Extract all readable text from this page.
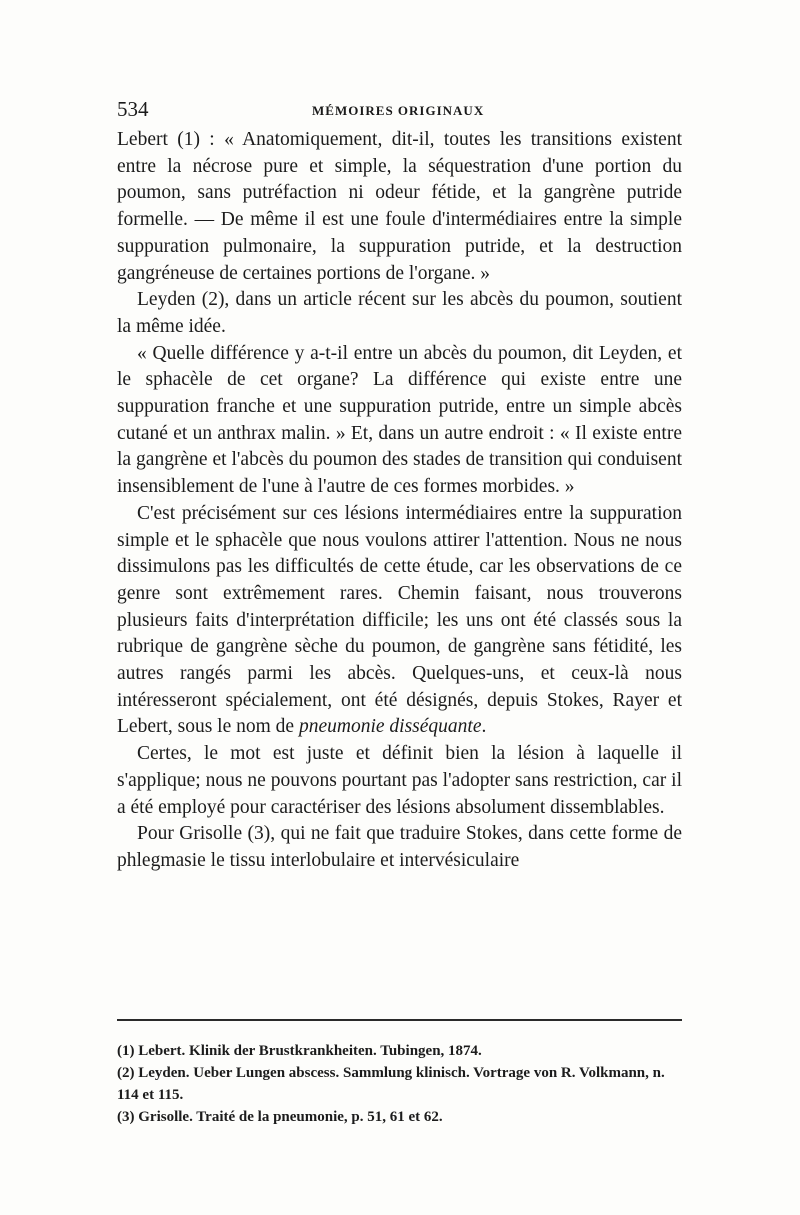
534	MÉMOIRES ORIGINAUX

Lebert (1) : « Anatomiquement, dit-il, toutes les transitions existent entre la nécrose pure et simple, la séquestration d'une portion du poumon, sans putréfaction ni odeur fétide, et la gangrène putride formelle. — De même il est une foule d'intermédiaires entre la simple suppuration pulmonaire, la suppuration putride, et la destruction gangréneuse de certaines portions de l'organe. »

Leyden (2), dans un article récent sur les abcès du poumon, soutient la même idée.

« Quelle différence y a-t-il entre un abcès du poumon, dit Leyden, et le sphacèle de cet organe? La différence qui existe entre une suppuration franche et une suppuration putride, entre un simple abcès cutané et un anthrax malin. » Et, dans un autre endroit : « Il existe entre la gangrène et l'abcès du poumon des stades de transition qui conduisent insensiblement de l'une à l'autre de ces formes morbides. »

C'est précisément sur ces lésions intermédiaires entre la suppuration simple et le sphacèle que nous voulons attirer l'attention. Nous ne nous dissimulons pas les difficultés de cette étude, car les observations de ce genre sont extrêmement rares. Chemin faisant, nous trouverons plusieurs faits d'interprétation difficile; les uns ont été classés sous la rubrique de gangrène sèche du poumon, de gangrène sans fétidité, les autres rangés parmi les abcès. Quelques-uns, et ceux-là nous intéresseront spécialement, ont été désignés, depuis Stokes, Rayer et Lebert, sous le nom de pneumonie disséquante.

Certes, le mot est juste et définit bien la lésion à laquelle il s'applique; nous ne pouvons pourtant pas l'adopter sans restriction, car il a été employé pour caractériser des lésions absolument dissemblables.

Pour Grisolle (3), qui ne fait que traduire Stokes, dans cette forme de phlegmasie le tissu interlobulaire et intervésiculaire

(1) Lebert. Klinik der Brustkrankheiten. Tubingen, 1874.

(2) Leyden. Ueber Lungen abscess. Sammlung klinisch. Vortrage von R. Volkmann, n. 114 et 115.

(3) Grisolle. Traité de la pneumonie, p. 51, 61 et 62.
